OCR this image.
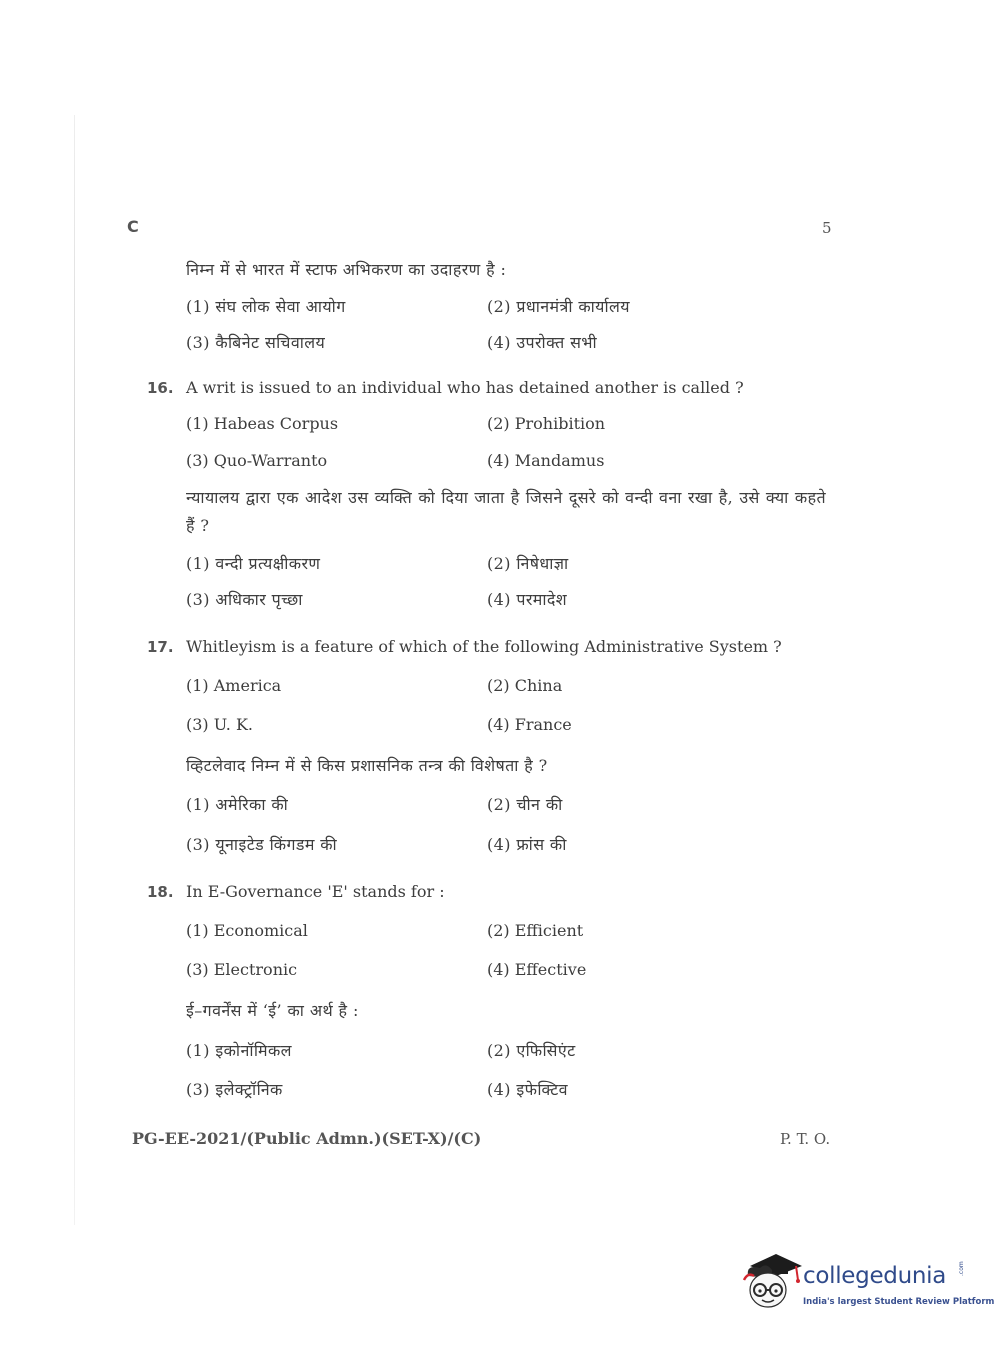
C	5
निम्न में से भारत में स्टाफ अभिकरण का उदाहरण है :
(1) संघ लोक सेवा आयोग	(2) प्रधानमंत्री कार्यालय
(3) कैबिनेट सचिवालय	(4) उपरोक्त सभी
16. A writ is issued to an individual who has detained another is called ?
(1) Habeas Corpus	(2) Prohibition
(3) Quo-Warranto	(4) Mandamus
न्यायालय द्वारा एक आदेश उस व्यक्ति को दिया जाता है जिसने दूसरे को वन्दी वना रखा है, उसे क्या कहते हैं ?
(1) वन्दी प्रत्यक्षीकरण	(2) निषेधाज्ञा
(3) अधिकार पृच्छा	(4) परमादेश
17. Whitleyism is a feature of which of the following Administrative System ?
(1) America	(2) China
(3) U. K.	(4) France
व्हिटलेवाद निम्न में से किस प्रशासनिक तन्त्र की विशेषता है ?
(1) अमेरिका की	(2) चीन की
(3) यूनाइटेड किंगडम की	(4) फ्रांस की
18. In E-Governance 'E' stands for :
(1) Economical	(2) Efficient
(3) Electronic	(4) Effective
ई–गवर्नेंस में ‘ई’ का अर्थ है :
(1) इकोनॉमिकल	(2) एफिसिएंट
(3) इलेक्ट्रॉनिक	(4) इफेक्टिव
PG-EE-2021/(Public Admn.)(SET-X)/(C)	P. T. O.
collegedunia .com
India's largest Student Review Platform
